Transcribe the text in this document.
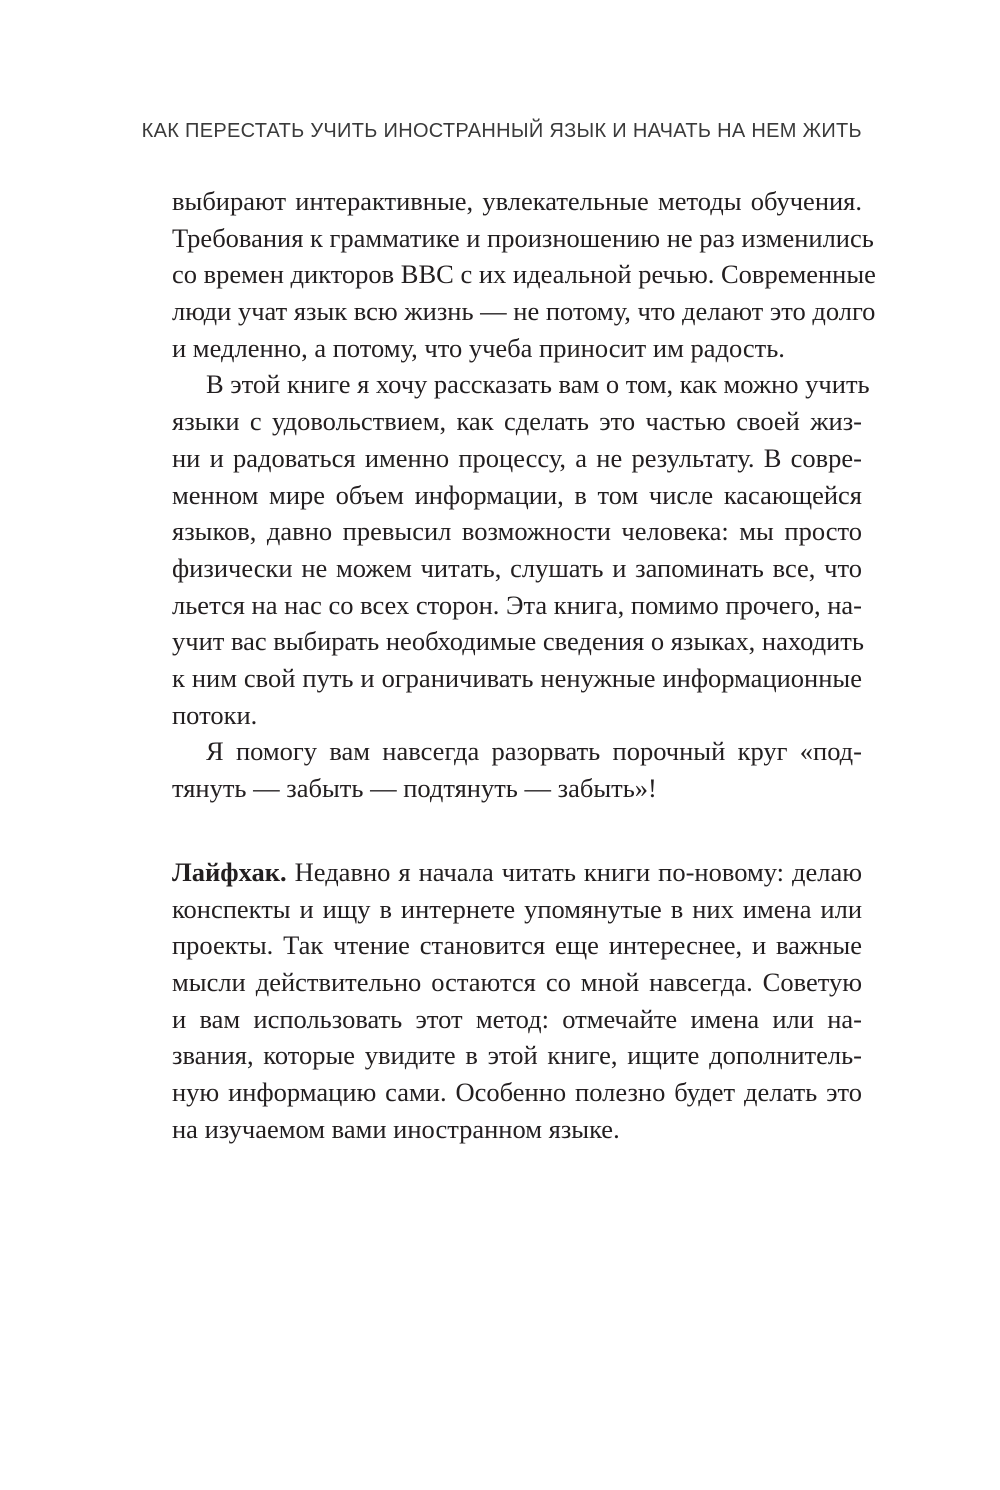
КАК ПЕРЕСТАТЬ УЧИТЬ ИНОСТРАННЫЙ ЯЗЫК И НАЧАТЬ НА НЕМ ЖИТЬ
выбирают интерактивные, увлекательные методы обучения.
Требования к грамматике и произношению не раз изменились
со времен дикторов BBC с их идеальной речью. Современные
люди учат язык всю жизнь — не потому, что делают это долго
и медленно, а потому, что учеба приносит им радость.
В этой книге я хочу рассказать вам о том, как можно учить
языки с удовольствием, как сделать это частью своей жиз-
ни и радоваться именно процессу, а не результату. В совре-
менном мире объем информации, в том числе касающейся
языков, давно превысил возможности человека: мы просто
физически не можем читать, слушать и запоминать все, что
льется на нас со всех сторон. Эта книга, помимо прочего, на-
учит вас выбирать необходимые сведения о языках, находить
к ним свой путь и ограничивать ненужные информационные
потоки.
Я помогу вам навсегда разорвать порочный круг «под-
тянуть — забыть — подтянуть — забыть»!
Лайфхак. Недавно я начала читать книги по-новому: делаю
конспекты и ищу в интернете упомянутые в них имена или
проекты. Так чтение становится еще интереснее, и важные
мысли действительно остаются со мной навсегда. Советую
и вам использовать этот метод: отмечайте имена или на-
звания, которые увидите в этой книге, ищите дополнитель-
ную информацию сами. Особенно полезно будет делать это
на изучаемом вами иностранном языке.
